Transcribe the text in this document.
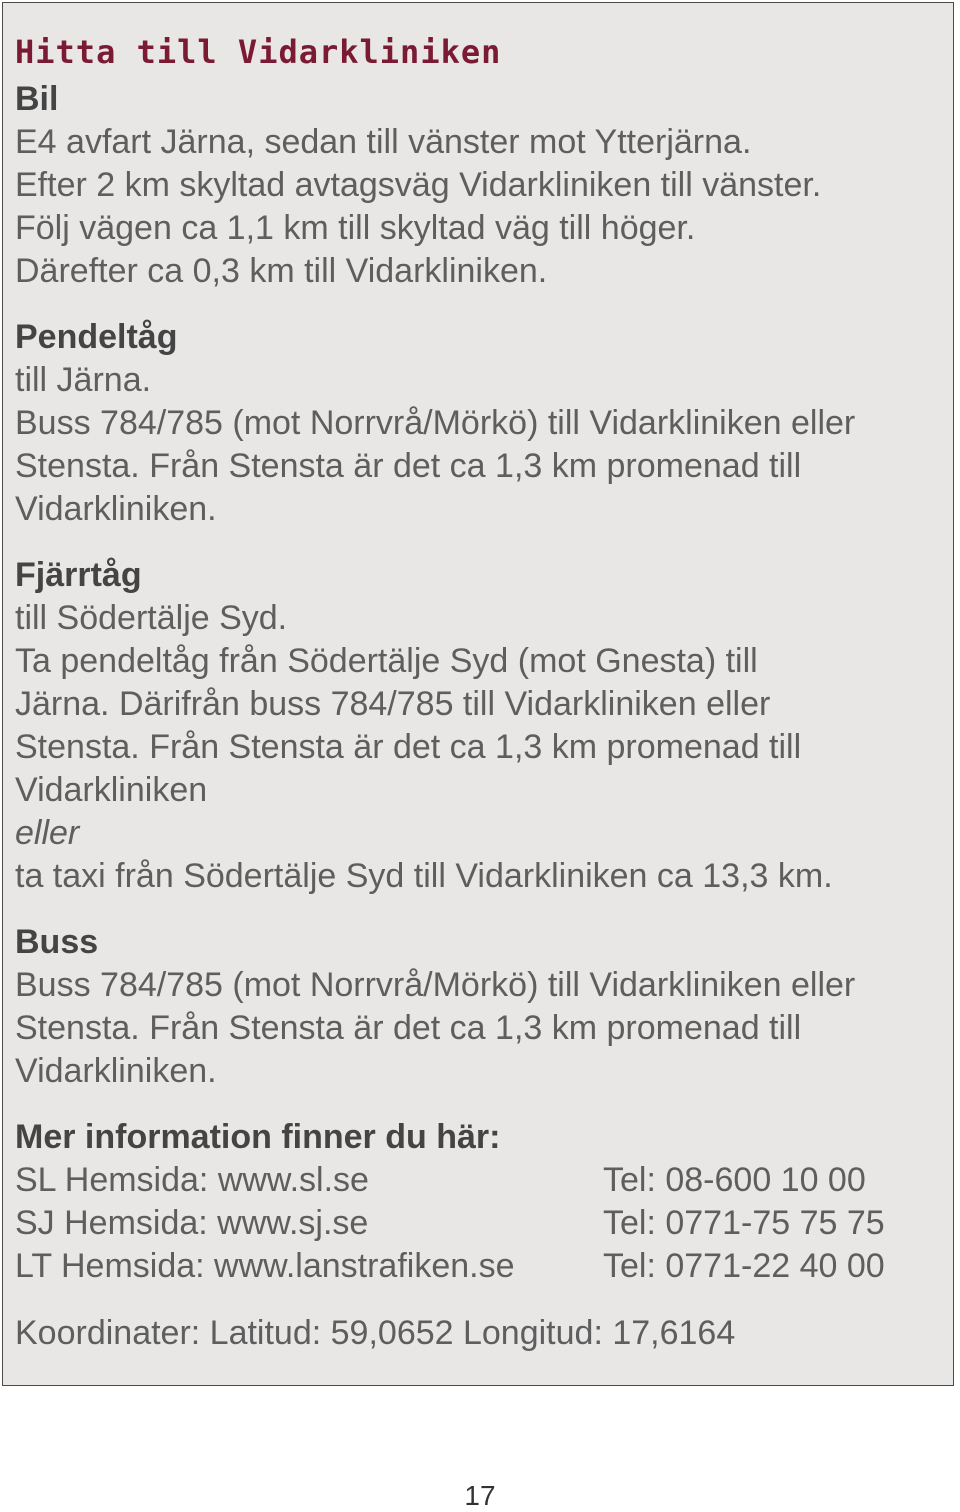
Hitta till Vidarkliniken
Bil
E4 avfart Järna, sedan till vänster mot Ytterjärna.
Efter 2 km skyltad avtagsväg Vidarkliniken till vänster.
Följ vägen ca 1,1 km till skyltad väg till höger.
Därefter ca 0,3 km till Vidarkliniken.
Pendeltåg
till Järna.
Buss 784/785 (mot Norrvrå/Mörkö) till Vidarkliniken eller
Stensta. Från Stensta är det ca 1,3 km promenad till
Vidarkliniken.
Fjärrtåg
till Södertälje Syd.
Ta pendeltåg från Södertälje Syd (mot Gnesta) till
Järna. Därifrån buss 784/785 till Vidarkliniken eller
Stensta. Från Stensta är det ca 1,3 km promenad till
Vidarkliniken
eller
ta taxi från Södertälje Syd till Vidarkliniken ca 13,3 km.
Buss
Buss 784/785 (mot Norrvrå/Mörkö) till Vidarkliniken eller
Stensta. Från Stensta är det ca 1,3 km promenad till
Vidarkliniken.
Mer information finner du här:
SL Hemsida: www.sl.se	Tel: 08-600 10 00
SJ Hemsida: www.sj.se	Tel: 0771-75 75 75
LT Hemsida: www.lanstrafiken.se	Tel: 0771-22 40 00
Koordinater: Latitud: 59,0652 Longitud: 17,6164
17
